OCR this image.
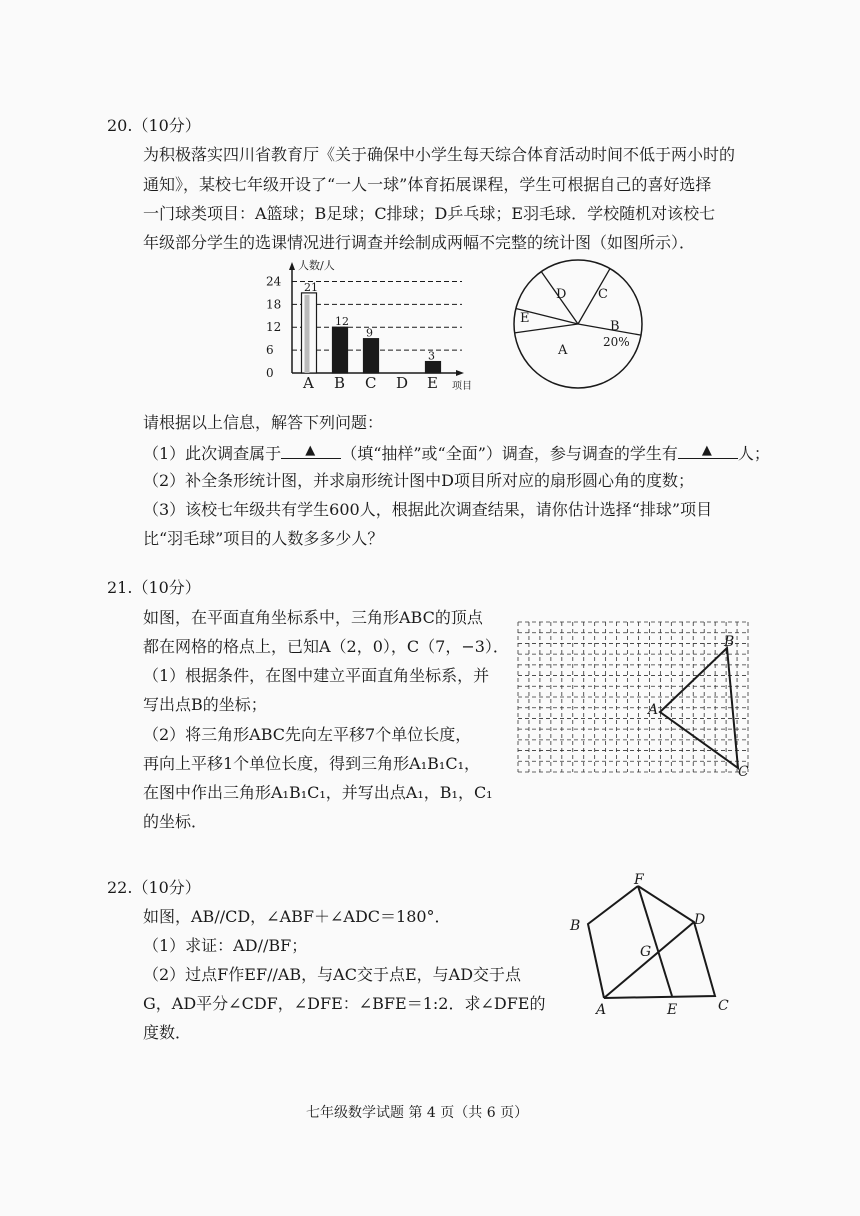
20.（10分）
为积极落实四川省教育厅《关于确保中小学生每天综合体育活动时间不低于两小时的
通知》，某校七年级开设了“一人一球”体育拓展课程，学生可根据自己的喜好选择
一门球类项目：A篮球；B足球；C排球；D乒乓球；E羽毛球．学校随机对该校七
年级部分学生的选课情况进行调查并绘制成两幅不完整的统计图（如图所示）．
0
6
12
18
24
人数/人
项目
21
A
12
B
9
C D
3
E
A
B
20%
C
D
E
请根据以上信息，解答下列问题：
（1）此次调查属于 ▲	（填“抽样”或“全面”）调查，参与调查的学生有 ▲	人；
（2）补全条形统计图，并求扇形统计图中D项目所对应的扇形圆心角的度数；
（3）该校七年级共有学生600人，根据此次调查结果，请你估计选择“排球”项目
比“羽毛球”项目的人数多多少人？
21.（10分）
如图，在平面直角坐标系中，三角形ABC的顶点
都在网格的格点上，已知A（2，0），C（7，−3）．
（1）根据条件，在图中建立平面直角坐标系，并
写出点B的坐标；
（2）将三角形ABC先向左平移7个单位长度，
再向上平移1个单位长度，得到三角形A₁B₁C₁，
在图中作出三角形A₁B₁C₁，并写出点A₁，B₁，C₁
的坐标．
A
B
C
22.（10分）
如图，AB//CD，∠ABF＋∠ADC＝180°．
（1）求证：AD//BF；
（2）过点F作EF//AB，与AC交于点E，与AD交于点
G，AD平分∠CDF，∠DFE：∠BFE＝1:2．求∠DFE的
度数．
F
B	D
G
A	E	C
七年级数学试题 第 4 页（共 6 页）
